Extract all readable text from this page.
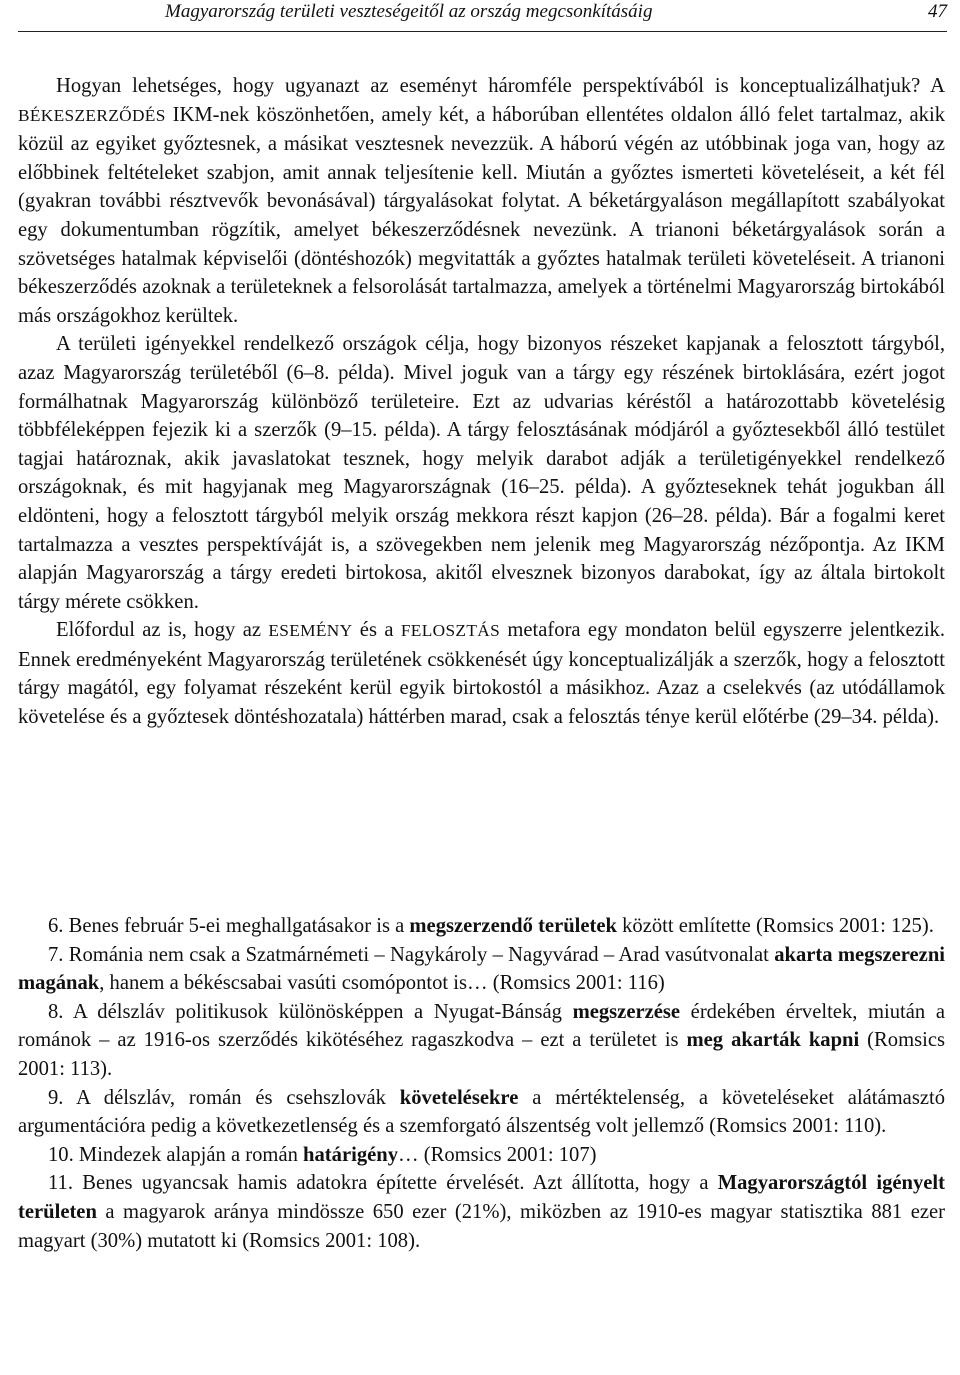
Magyarország területi veszteségeitől az ország megcsonkításáig	47

Hogyan lehetséges, hogy ugyanazt az eseményt háromféle perspektívából is konceptualizálhatjuk? A BÉKESZERZŐDÉS IKM-nek köszönhetően, amely két, a háborúban ellentétes oldalon álló felet tartalmaz, akik közül az egyiket győztesnek, a másikat vesztesnek nevezzük. A háború végén az utóbbinak joga van, hogy az előbbinek feltételeket szabjon, amit annak teljesítenie kell. Miután a győztes ismerteti követeléseit, a két fél (gyakran további résztvevők bevonásával) tárgyalásokat folytat. A béketárgyaláson megállapított szabályokat egy dokumentumban rögzítik, amelyet békeszerződésnek nevezünk. A trianoni béketárgyalások során a szövetséges hatalmak képviselői (döntéshozók) megvitatták a győztes hatalmak területi követeléseit. A trianoni békeszerződés azoknak a területeknek a felsorolását tartalmazza, amelyek a történelmi Magyarország birtokából más országokhoz kerültek.

A területi igényekkel rendelkező országok célja, hogy bizonyos részeket kapjanak a felosztott tárgyból, azaz Magyarország területéből (6–8. példa). Mivel joguk van a tárgy egy részének birtoklására, ezért jogot formálhatnak Magyarország különböző területeire. Ezt az udvarias kéréstől a határozottabb követelésig többféleképpen fejezik ki a szerzők (9–15. példa). A tárgy felosztásának módjáról a győztesekből álló testület tagjai határoznak, akik javaslatokat tesznek, hogy melyik darabot adják a területigényekkel rendelkező országoknak, és mit hagyjanak meg Magyarországnak (16–25. példa). A győzteseknek tehát jogukban áll eldönteni, hogy a felosztott tárgyból melyik ország mekkora részt kapjon (26–28. példa). Bár a fogalmi keret tartalmazza a vesztes perspektíváját is, a szövegekben nem jelenik meg Magyarország nézőpontja. Az IKM alapján Magyarország a tárgy eredeti birtokosa, akitől elvesznek bizonyos darabokat, így az általa birtokolt tárgy mérete csökken.

Előfordul az is, hogy az ESEMÉNY és a FELOSZTÁS metafora egy mondaton belül egyszerre jelentkezik. Ennek eredményeként Magyarország területének csökkenését úgy konceptualizálják a szerzők, hogy a felosztott tárgy magától, egy folyamat részeként kerül egyik birtokostól a másikhoz. Azaz a cselekvés (az utódállamok követelése és a győztesek döntéshozatala) háttérben marad, csak a felosztás ténye kerül előtérbe (29–34. példa).

6. Benes február 5-ei meghallgatásakor is a megszerzendő területek között említette (Romsics 2001: 125).

7. Románia nem csak a Szatmárnémeti – Nagykároly – Nagyvárad – Arad vasútvonalat akarta megszerezni magának, hanem a békéscsabai vasúti csomópontot is… (Romsics 2001: 116)

8. A délszláv politikusok különösképpen a Nyugat-Bánság megszerzése érdekében érveltek, miután a románok – az 1916-os szerződés kikötéséhez ragaszkodva – ezt a területet is meg akarták kapni (Romsics 2001: 113).

9. A délszláv, román és csehszlovák követelésekre a mértéktelenség, a követeléseket alátámasztó argumentációra pedig a következetlenség és a szemforgató álszentség volt jellemző (Romsics 2001: 110).

10. Mindezek alapján a román határigény… (Romsics 2001: 107)

11. Benes ugyancsak hamis adatokra építette érvelését. Azt állította, hogy a Magyarországtól igényelt területen a magyarok aránya mindössze 650 ezer (21%), miközben az 1910-es magyar statisztika 881 ezer magyart (30%) mutatott ki (Romsics 2001: 108).
